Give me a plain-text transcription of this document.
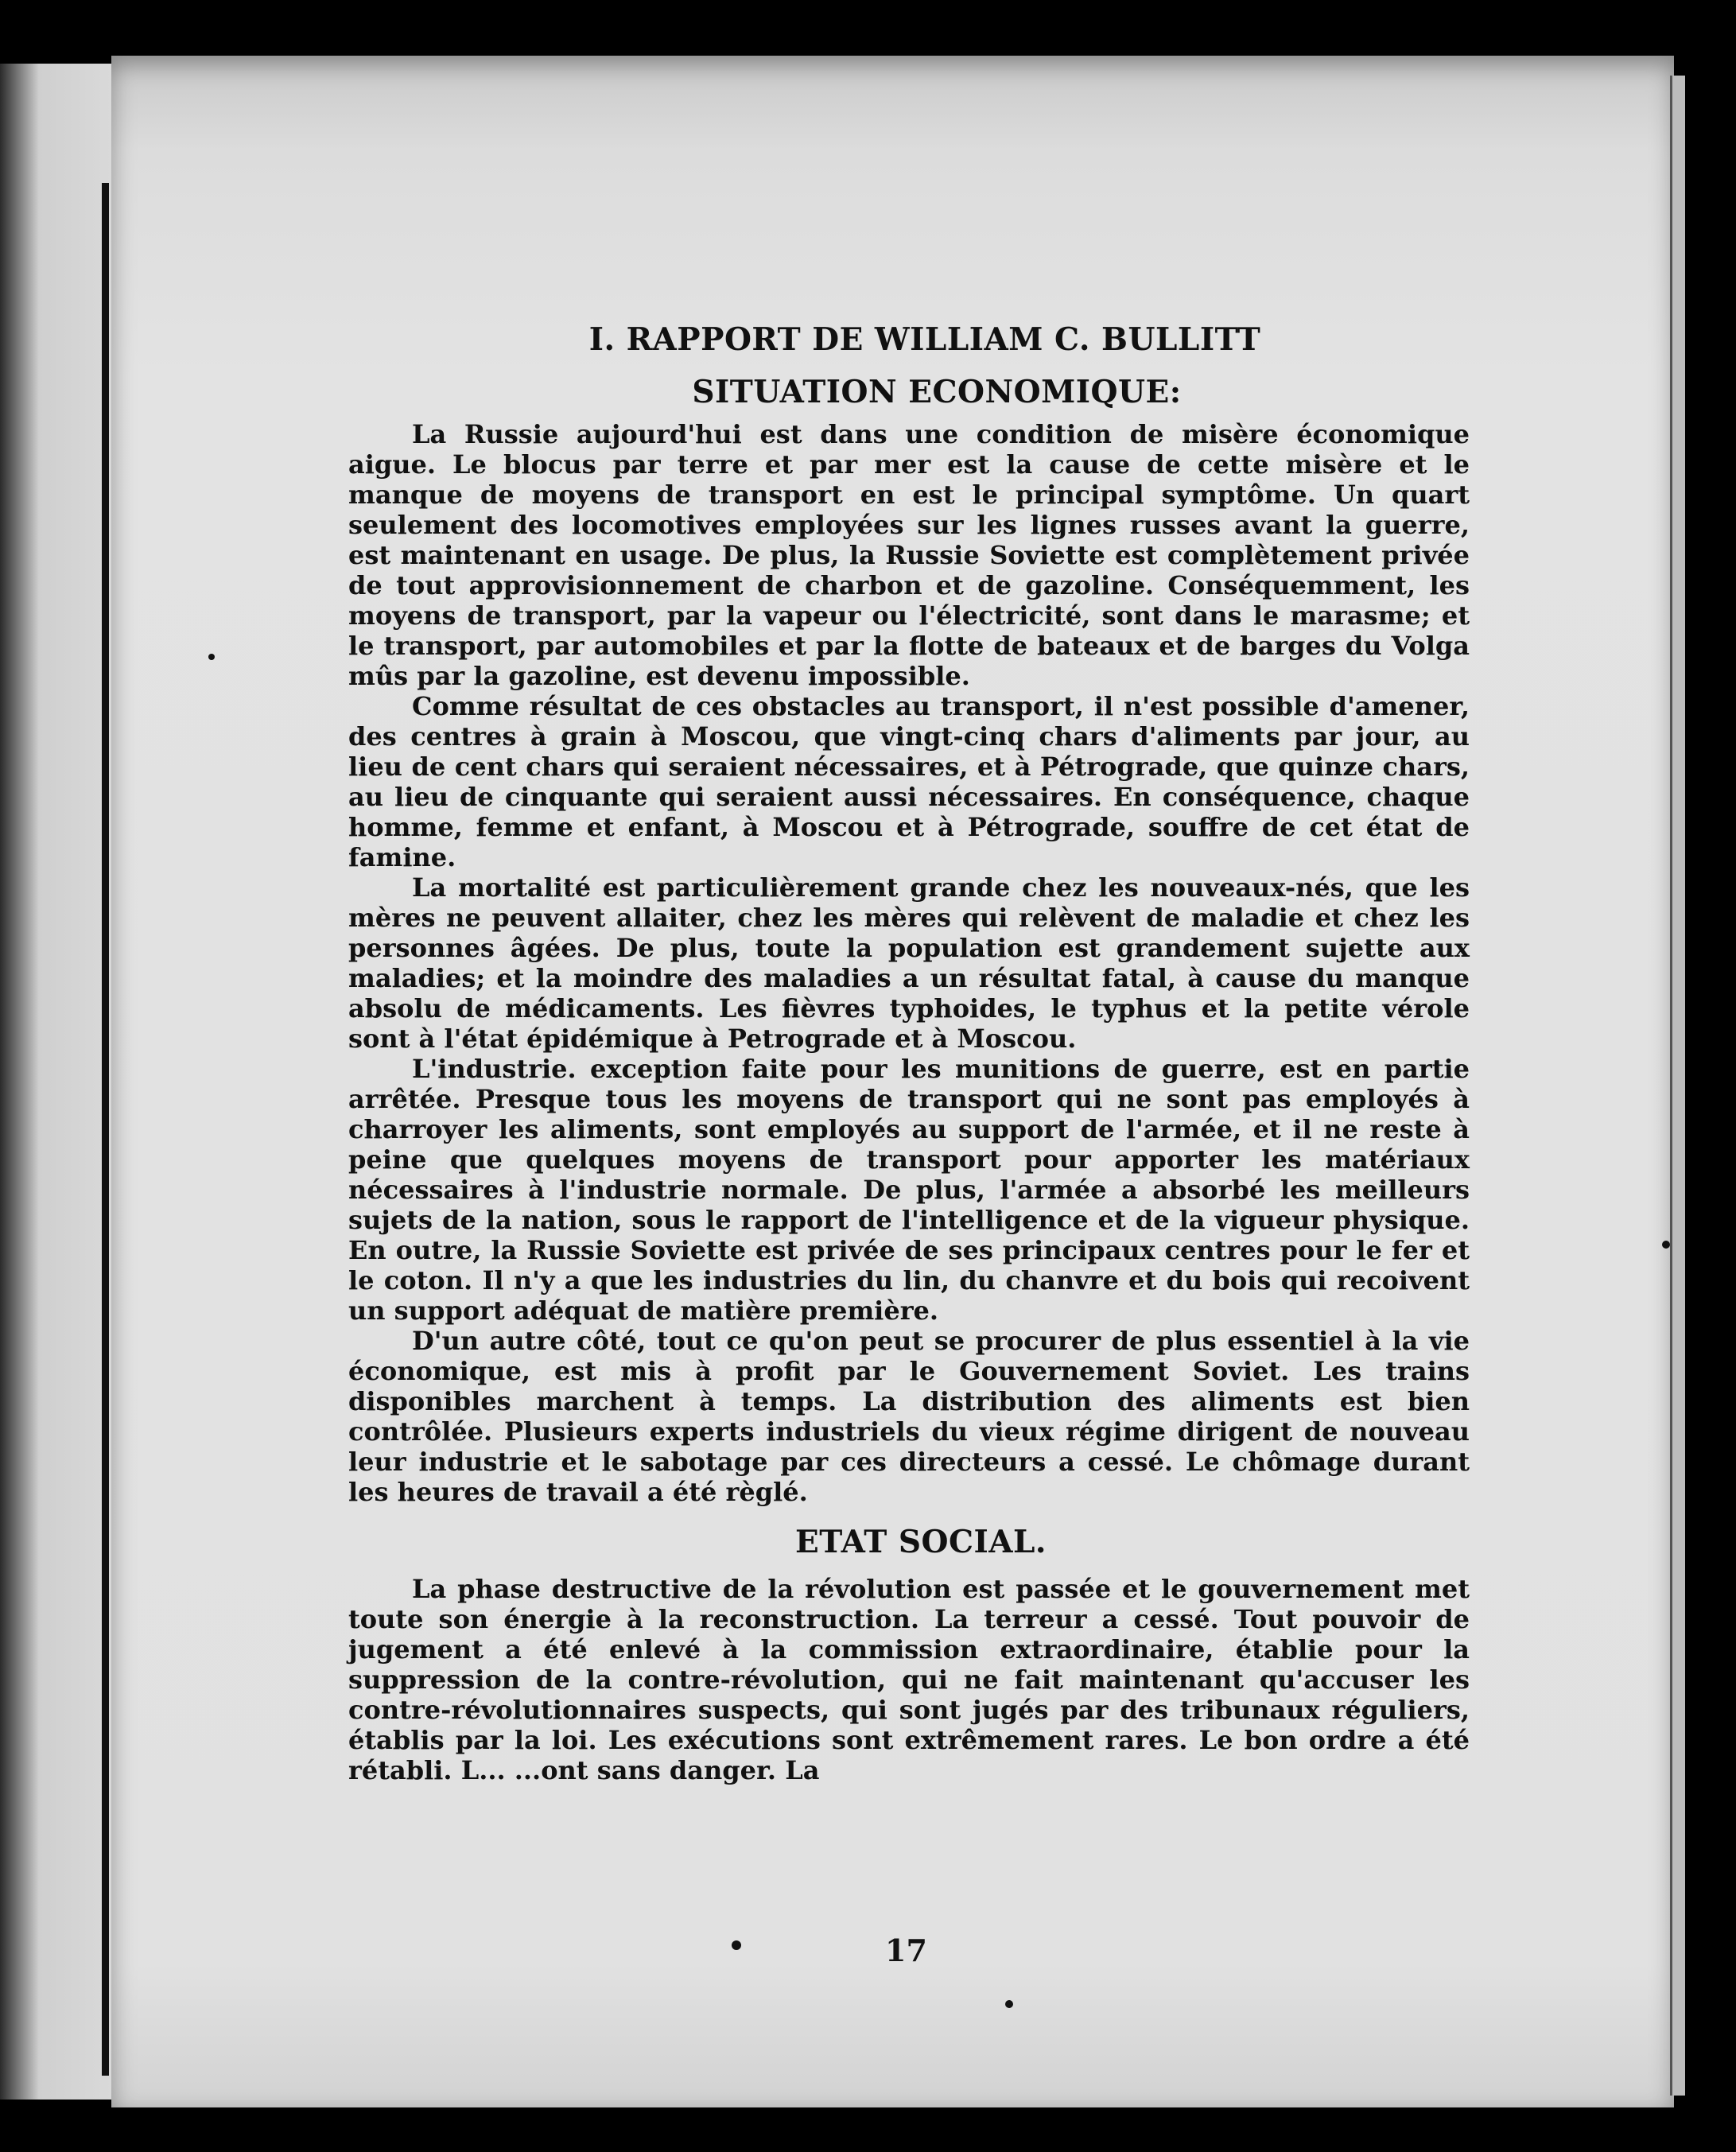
I. RAPPORT DE WILLIAM C. BULLITT
SITUATION ECONOMIQUE:

La Russie aujourd'hui est dans une condition de misère économique aigue. Le blocus par terre et par mer est la cause de cette misère et le manque de moyens de transport en est le principal symptôme. Un quart seulement des locomotives employées sur les lignes russes avant la guerre, est maintenant en usage. De plus, la Russie Soviette est complètement privée de tout approvisionnement de charbon et de gazoline. Conséquemment, les moyens de transport, par la vapeur ou l'électricité, sont dans le marasme; et le transport, par automobiles et par la flotte de bateaux et de barges du Volga mûs par la gazoline, est devenu impossible.

Comme résultat de ces obstacles au transport, il n'est possible d'amener, des centres à grain à Moscou, que vingt-cinq chars d'aliments par jour, au lieu de cent chars qui seraient nécessaires, et à Pétrograde, que quinze chars, au lieu de cinquante qui seraient aussi nécessaires. En conséquence, chaque homme, femme et enfant, à Moscou et à Pétrograde, souffre de cet état de famine.

La mortalité est particulièrement grande chez les nouveaux-nés, que les mères ne peuvent allaiter, chez les mères qui relèvent de maladie et chez les personnes âgées. De plus, toute la population est grandement sujette aux maladies; et la moindre des maladies a un résultat fatal, à cause du manque absolu de médicaments. Les fièvres typhoides, le typhus et la petite vérole sont à l'état épidémique à Petrograde et à Moscou.

L'industrie. exception faite pour les munitions de guerre, est en partie arrêtée. Presque tous les moyens de transport qui ne sont pas employés à charroyer les aliments, sont employés au support de l'armée, et il ne reste à peine que quelques moyens de transport pour apporter les matériaux nécessaires à l'industrie normale. De plus, l'armée a absorbé les meilleurs sujets de la nation, sous le rapport de l'intelligence et de la vigueur physique. En outre, la Russie Soviette est privée de ses principaux centres pour le fer et le coton. Il n'y a que les industries du lin, du chanvre et du bois qui recoivent un support adéquat de matière première.

D'un autre côté, tout ce qu'on peut se procurer de plus essentiel à la vie économique, est mis à profit par le Gouvernement Soviet. Les trains disponibles marchent à temps. La distribution des aliments est bien contrôlée. Plusieurs experts industriels du vieux régime dirigent de nouveau leur industrie et le sabotage par ces directeurs a cessé. Le chômage durant les heures de travail a été règlé.

ETAT SOCIAL.

La phase destructive de la révolution est passée et le gouvernement met toute son énergie à la reconstruction. La terreur a cessé. Tout pouvoir de jugement a été enlevé à la commission extraordinaire, établie pour la suppression de la contre-révolution, qui ne fait maintenant qu'accuser les contre-révolutionnaires suspects, qui sont jugés par des tribunaux réguliers, établis par la loi. Les exécutions sont extrêmement rares. Le bon ordre a été rétabli. L... ...ont sans danger. La

17
